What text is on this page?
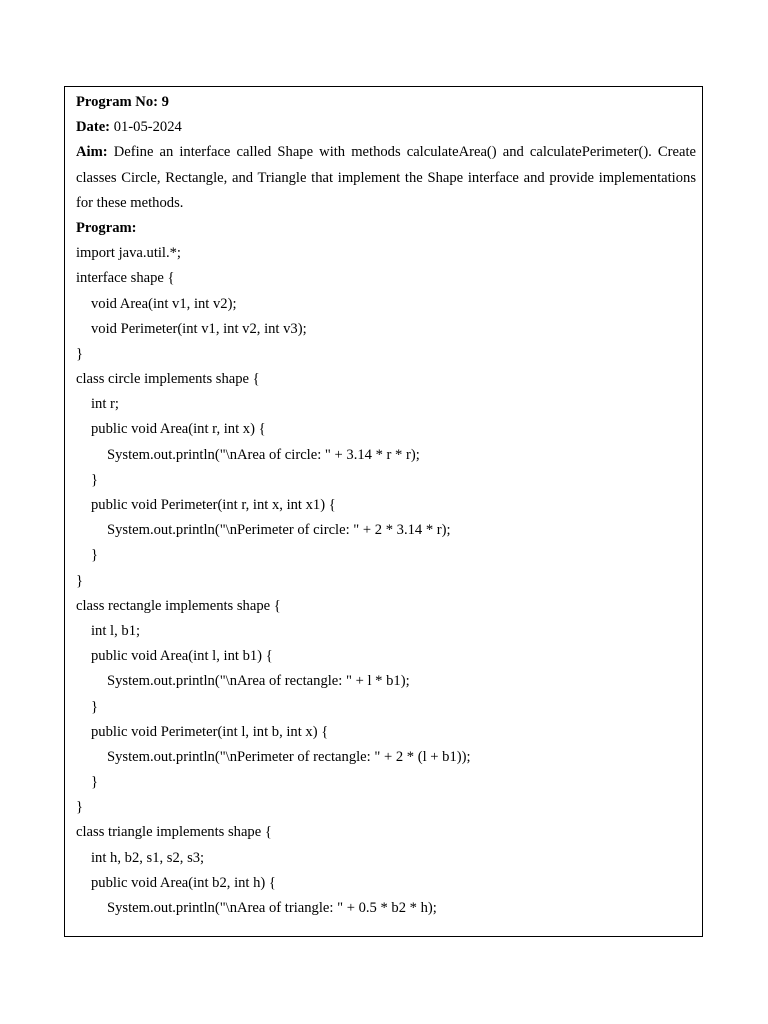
Program No: 9
Date: 01-05-2024
Aim: Define an interface called Shape with methods calculateArea() and calculatePerimeter(). Create classes Circle, Rectangle, and Triangle that implement the Shape interface and provide implementations for these methods.
Program:
import java.util.*;
interface shape {
void Area(int v1, int v2);
void Perimeter(int v1, int v2, int v3);
}
class circle implements shape {
int r;
public void Area(int r, int x) {
System.out.println("\nArea of circle: " + 3.14 * r * r);
}
public void Perimeter(int r, int x, int x1) {
System.out.println("\nPerimeter of circle: " + 2 * 3.14 * r);
}
}
class rectangle implements shape {
int l, b1;
public void Area(int l, int b1) {
System.out.println("\nArea of rectangle: " + l * b1);
}
public void Perimeter(int l, int b, int x) {
System.out.println("\nPerimeter of rectangle: " + 2 * (l + b1));
}
}
class triangle implements shape {
int h, b2, s1, s2, s3;
public void Area(int b2, int h) {
System.out.println("\nArea of triangle: " + 0.5 * b2 * h);
